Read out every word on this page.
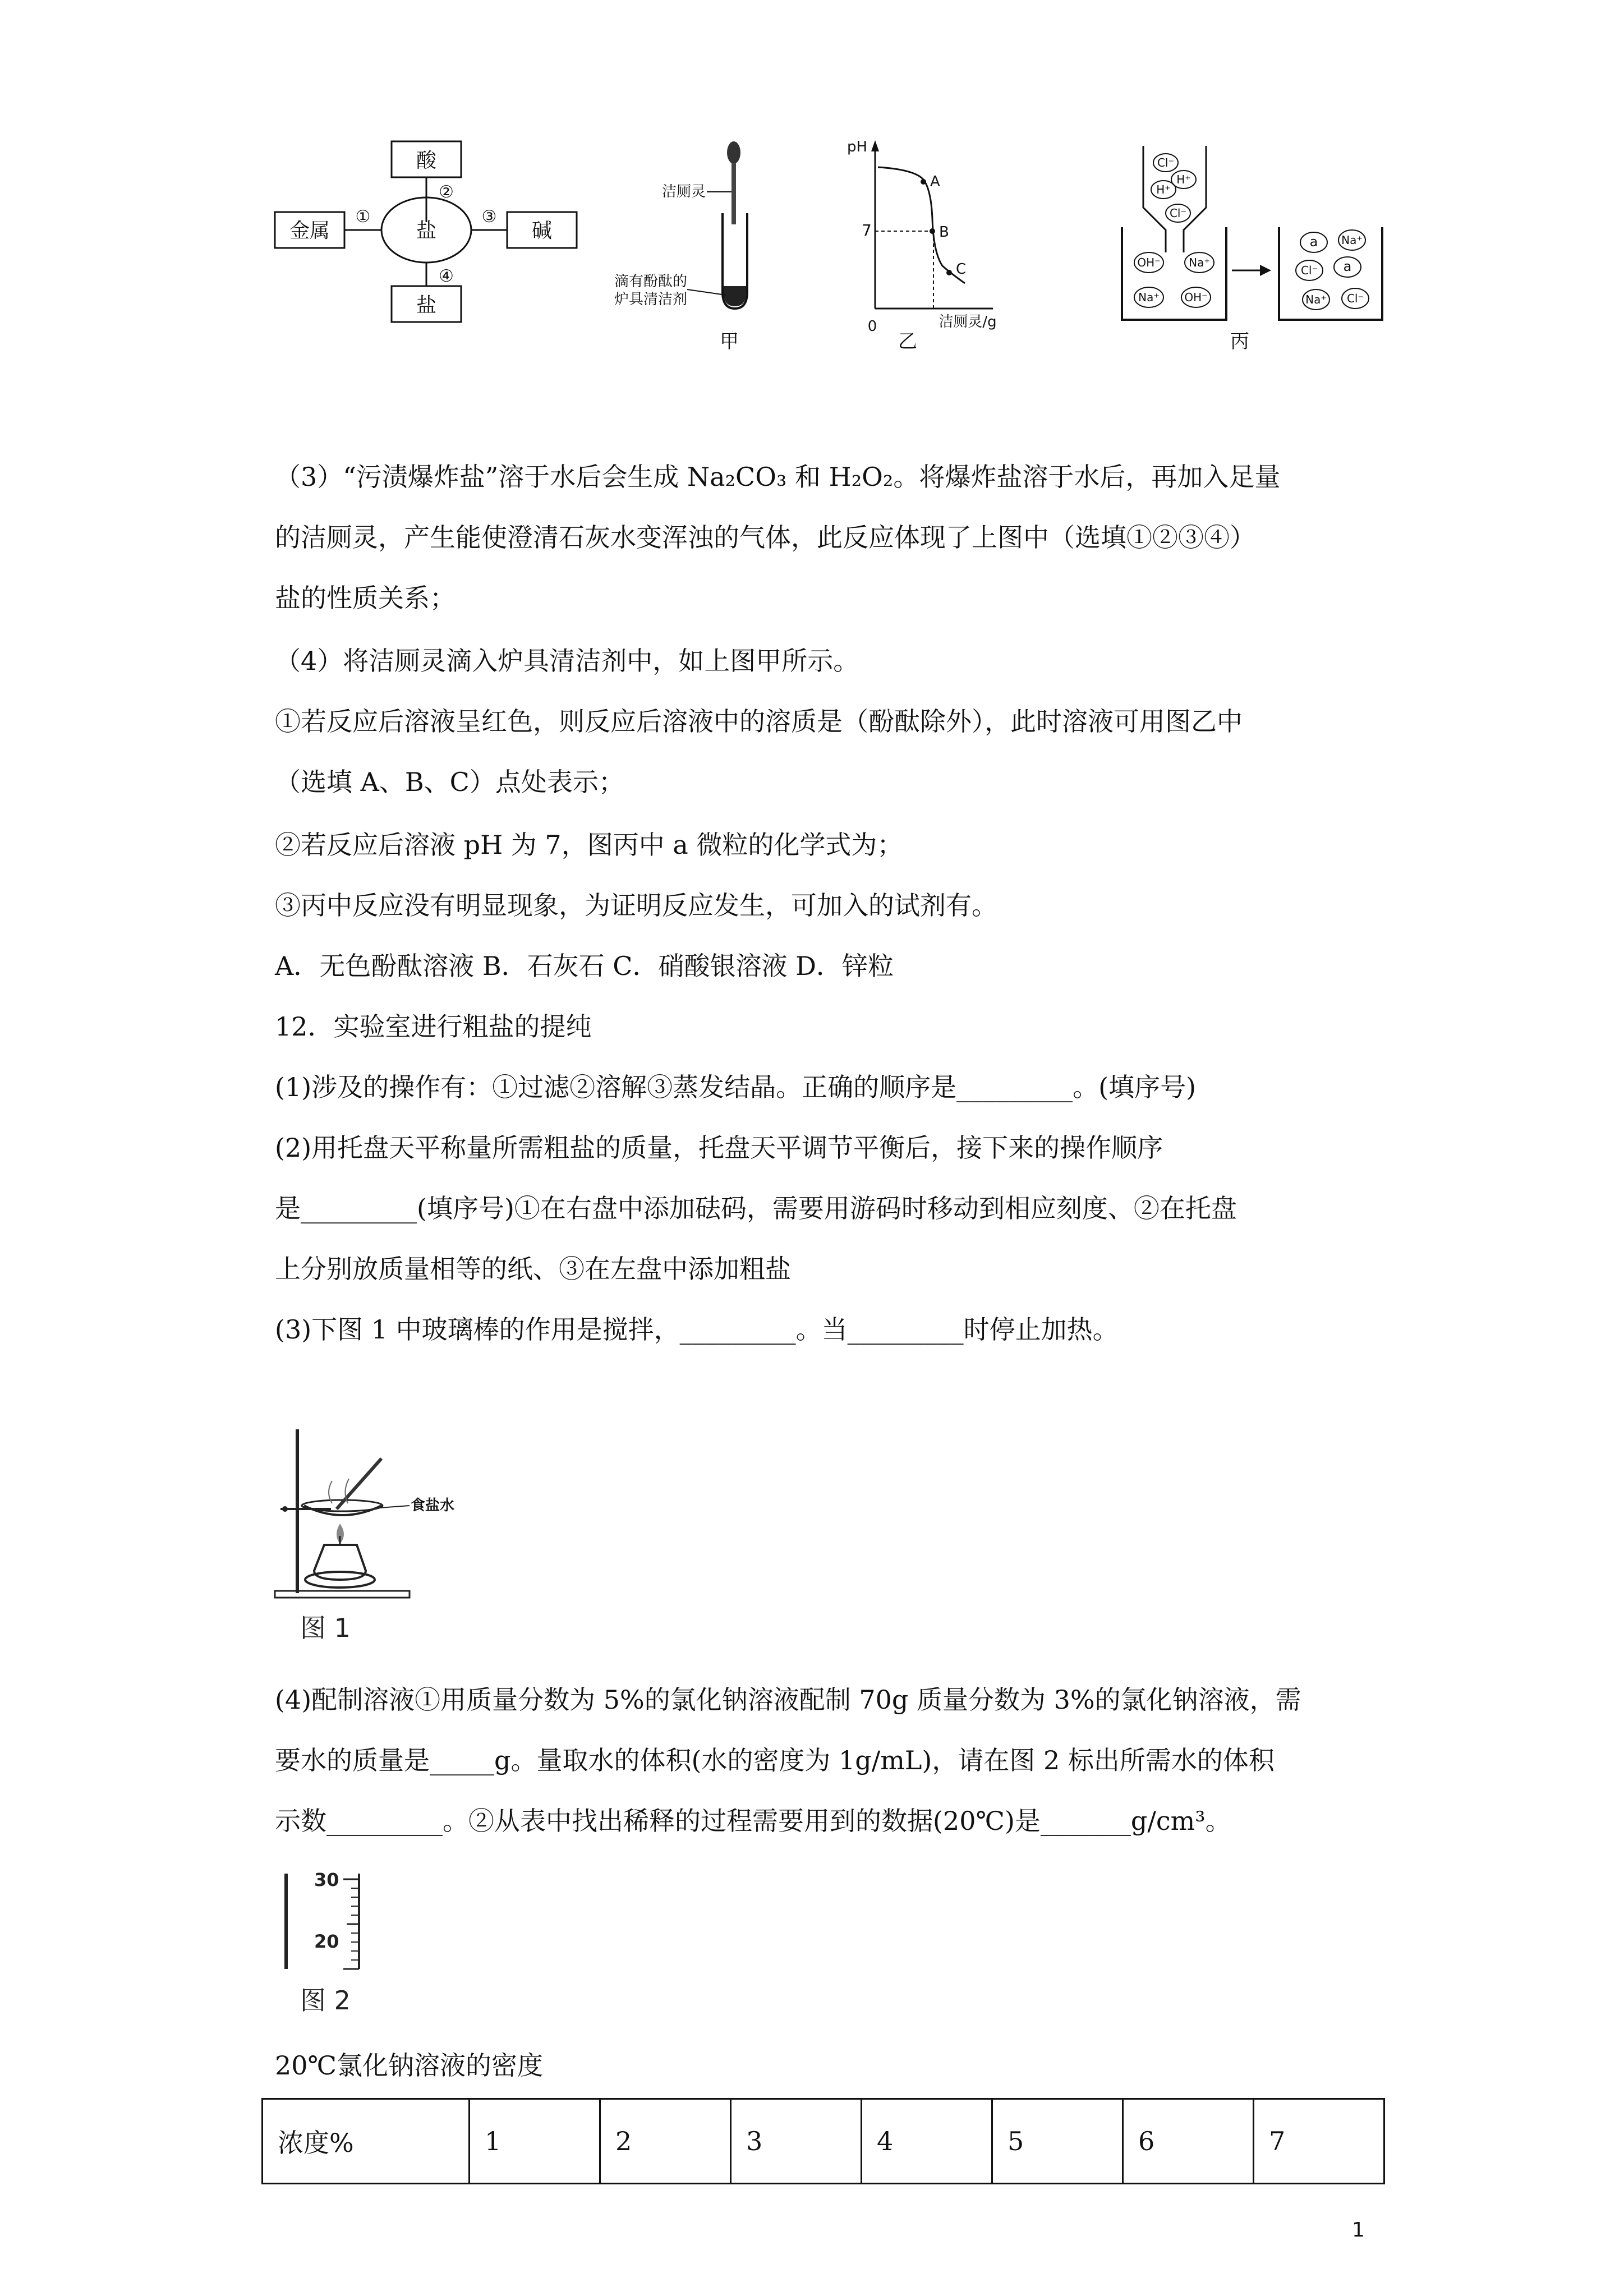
酸
②
盐
金属
①
碱
③
④
盐
洁厕灵
滴有酚酞的
炉具清洁剂
甲
pH
7
0	洁厕灵/g
A
B
C
乙
Cl⁻
H⁺
H⁺
Cl⁻
OH⁻	Na⁺
Na⁺ OH⁻
a Na⁺
Cl⁻ a
Na⁺ Cl⁻
丙
（3）“污渍爆炸盐”溶于水后会生成 Na₂CO₃ 和 H₂O₂。将爆炸盐溶于水后，再加入足量
的洁厕灵，产生能使澄清石灰水变浑浊的气体，此反应体现了上图中（选填①②③④）
盐的性质关系；
（4）将洁厕灵滴入炉具清洁剂中，如上图甲所示。
①若反应后溶液呈红色，则反应后溶液中的溶质是（酚酞除外），此时溶液可用图乙中
（选填 A、B、C）点处表示；
②若反应后溶液 pH 为 7，图丙中 a 微粒的化学式为；
③丙中反应没有明显现象，为证明反应发生，可加入的试剂有。
A．无色酚酞溶液 B．石灰石 C．硝酸银溶液 D．锌粒
12．实验室进行粗盐的提纯
(1)涉及的操作有：①过滤②溶解③蒸发结晶。正确的顺序是_________。(填序号)
(2)用托盘天平称量所需粗盐的质量，托盘天平调节平衡后，接下来的操作顺序
是_________(填序号)①在右盘中添加砝码，需要用游码时移动到相应刻度、②在托盘
上分别放质量相等的纸、③在左盘中添加粗盐
(3)下图 1 中玻璃棒的作用是搅拌，_________。当_________时停止加热。
食盐水
图 1
(4)配制溶液①用质量分数为 5%的氯化钠溶液配制 70g 质量分数为 3%的氯化钠溶液，需
要水的质量是_____g。量取水的体积(水的密度为 1g/mL)，请在图 2 标出所需水的体积
示数_________。②从表中找出稀释的过程需要用到的数据(20℃)是_______g/cm³。
30
20
图 2
20℃氯化钠溶液的密度
浓度%	1	2	3	4	5	6	7
1
